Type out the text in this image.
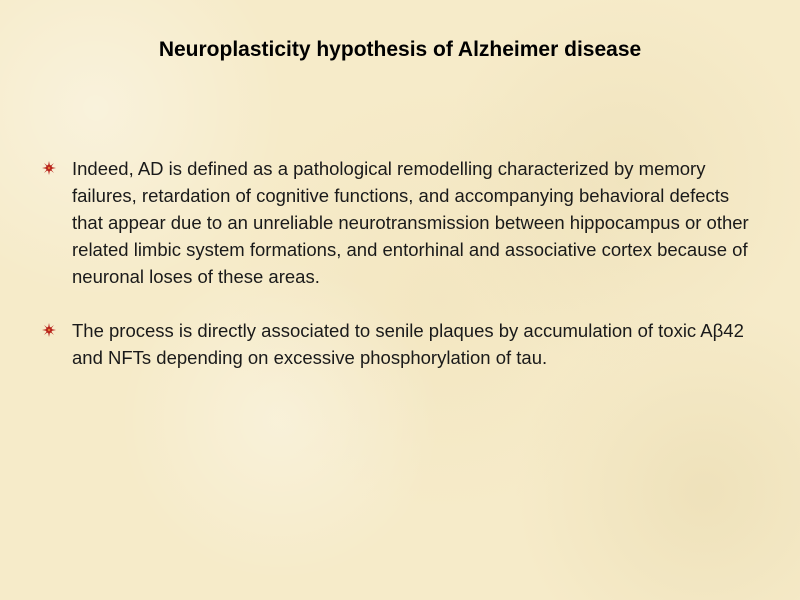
Neuroplasticity hypothesis of Alzheimer disease
Indeed, AD is defined as a pathological remodelling characterized by memory failures, retardation of cognitive functions, and accompanying behavioral defects that appear due to an unreliable neurotransmission between hippocampus or other related limbic system formations, and entorhinal and associative cortex because of neuronal loses of these areas.
The process is directly associated to senile plaques by accumulation of toxic Aβ42 and NFTs depending on excessive phosphorylation of tau.
